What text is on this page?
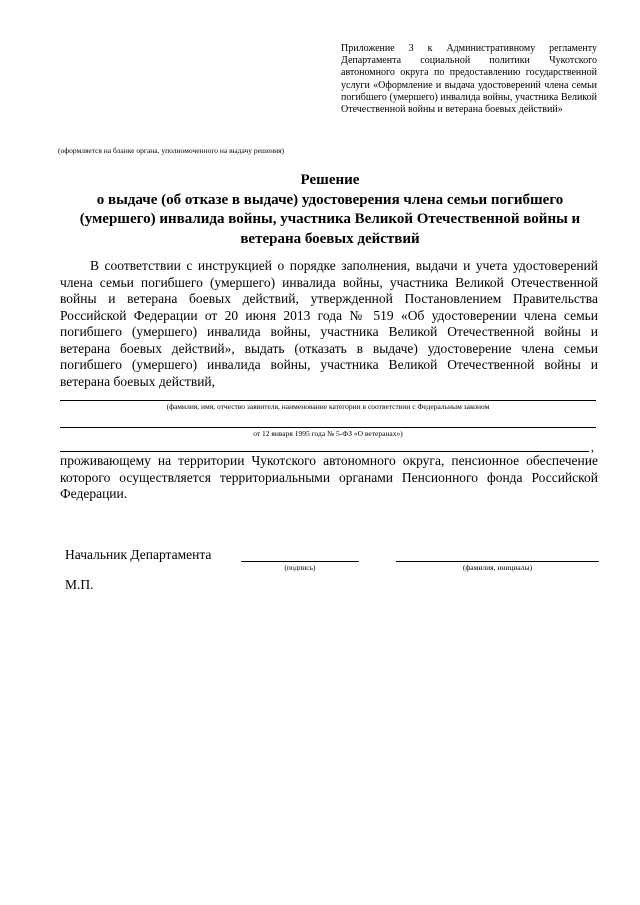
Приложение 3 к Административному регламенту Департамента социальной политики Чукотского автономного округа по предоставлению государственной услуги «Оформление и выдача удостоверений члена семьи погибшего (умершего) инвалида войны, участника Великой Отечественной войны и ветерана боевых действий»
(оформляется на бланке органа, уполномоченного на выдачу решения)
Решение
о выдаче (об отказе в выдаче) удостоверения члена семьи погибшего
(умершего) инвалида войны, участника Великой Отечественной войны и
ветерана боевых действий
В соответствии с инструкцией о порядке заполнения, выдачи и учета удостоверений члена семьи погибшего (умершего) инвалида войны, участника Великой Отечественной войны и ветерана боевых действий, утвержденной Постановлением Правительства Российской Федерации от 20 июня 2013 года № 519 «Об удостоверении члена семьи погибшего (умершего) инвалида войны, участника Великой Отечественной войны и ветерана боевых действий», выдать (отказать в выдаче) удостоверение члена семьи погибшего (умершего) инвалида войны, участника Великой Отечественной войны и ветерана боевых действий,
(фамилия, имя, отчество заявителя, наименование категории в соответствии с Федеральным законом
от 12 января 1995 года № 5-ФЗ «О ветеранах»)
,
проживающему на территории Чукотского автономного округа, пенсионное обеспечение которого осуществляется территориальными органами Пенсионного фонда Российской Федерации.
Начальник Департамента
(подпись)	(фамилия, инициалы)
М.П.
